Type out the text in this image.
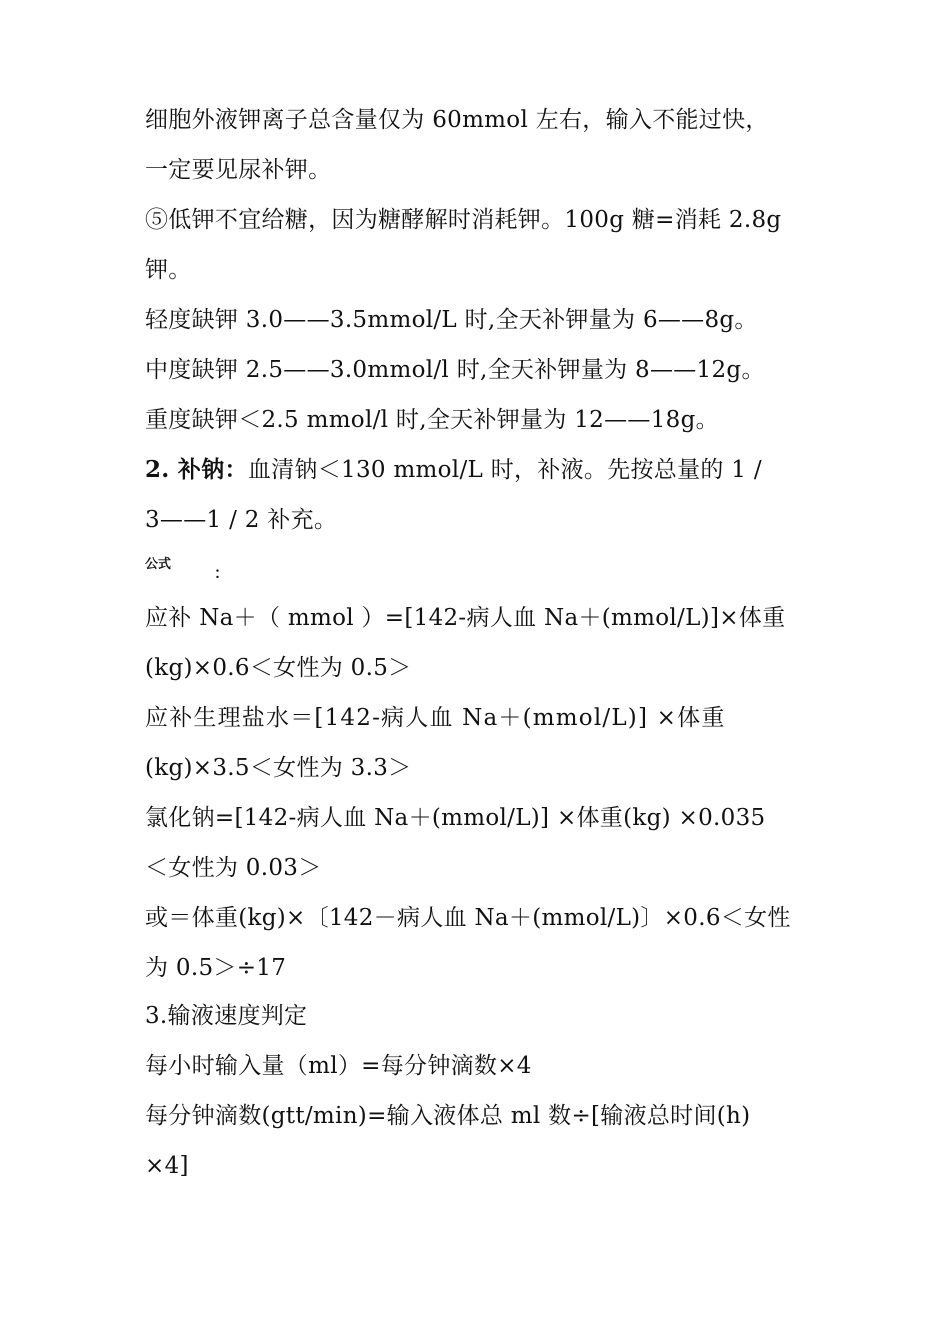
细胞外液钾离子总含量仅为 60mmol 左右，输入不能过快，
一定要见尿补钾。
⑤低钾不宜给糖，因为糖酵解时消耗钾。100g 糖=消耗 2.8g
钾。
轻度缺钾 3.0——3.5mmol/L 时,全天补钾量为 6——8g。
中度缺钾 2.5——3.0mmol/l 时,全天补钾量为 8——12g。
重度缺钾＜2.5 mmol/l 时,全天补钾量为 12——18g。
2. 补钠：血清钠＜130 mmol/L 时，补液。先按总量的 1 /
3——1 / 2 补充。
公式	：
应补 Na＋（ mmol ）=[142-病人血 Na＋(mmol/L)]×体重
(kg)×0.6＜女性为 0.5＞
应补生理盐水＝[142-病人血 Na＋(mmol/L)] ×体重
(kg)×3.5＜女性为 3.3＞
氯化钠=[142-病人血 Na＋(mmol/L)] ×体重(kg) ×0.035
＜女性为 0.03＞
或＝体重(kg)×〔142－病人血 Na＋(mmol/L)〕×0.6＜女性
为 0.5＞÷17
3.输液速度判定
每小时输入量（ml）=每分钟滴数×4
每分钟滴数(gtt/min)=输入液体总 ml 数÷[输液总时间(h)
×4]
